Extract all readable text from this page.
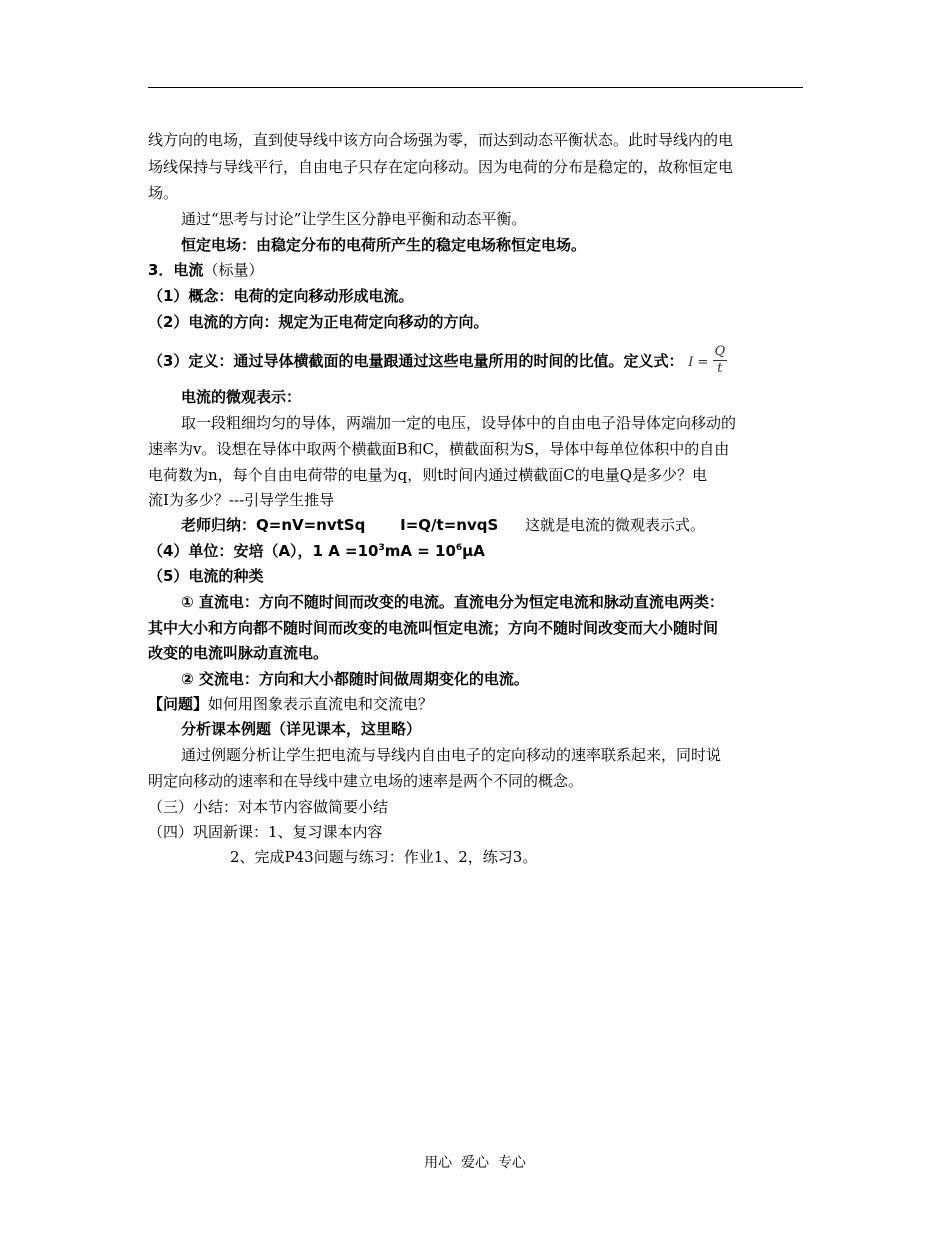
线方向的电场，直到使导线中该方向合场强为零，而达到动态平衡状态。此时导线内的电
场线保持与导线平行，自由电子只存在定向移动。因为电荷的分布是稳定的，故称恒定电
场。
通过“思考与讨论”让学生区分静电平衡和动态平衡。
恒定电场：由稳定分布的电荷所产生的稳定电场称恒定电场。
3．电流（标量）
（1）概念：电荷的定向移动形成电流。
（2）电流的方向：规定为正电荷定向移动的方向。
（3）定义：通过导体横截面的电量跟通过这些电量所用的时间的比值。定义式： $I = \frac{Q}{t}$
电流的微观表示：
取一段粗细均匀的导体，两端加一定的电压，设导体中的自由电子沿导体定向移动的
速率为v。设想在导体中取两个横截面B和C，横截面积为S，导体中每单位体积中的自由
电荷数为n，每个自由电荷带的电量为q，则t时间内通过横截面C的电量Q是多少？电
流I为多少？---引导学生推导
老师归纳：Q=nV=nvtSq I=Q/t=nvqS 这就是电流的微观表示式。
（4）单位：安培（A），1 $A =10^3mA = 10^6\mu A$
（5）电流的种类
① 直流电：方向不随时间而改变的电流。直流电分为恒定电流和脉动直流电两类：
其中大小和方向都不随时间而改变的电流叫恒定电流；方向不随时间改变而大小随时间
改变的电流叫脉动直流电。
② 交流电：方向和大小都随时间做周期变化的电流。
【问题】如何用图象表示直流电和交流电？
分析课本例题（详见课本，这里略）
通过例题分析让学生把电流与导线内自由电子的定向移动的速率联系起来，同时说
明定向移动的速率和在导线中建立电场的速率是两个不同的概念。
（三）小结：对本节内容做简要小结
（四）巩固新课：1、复习课本内容
2、完成P43问题与练习：作业1、2，练习3。
用心  爱心  专心
